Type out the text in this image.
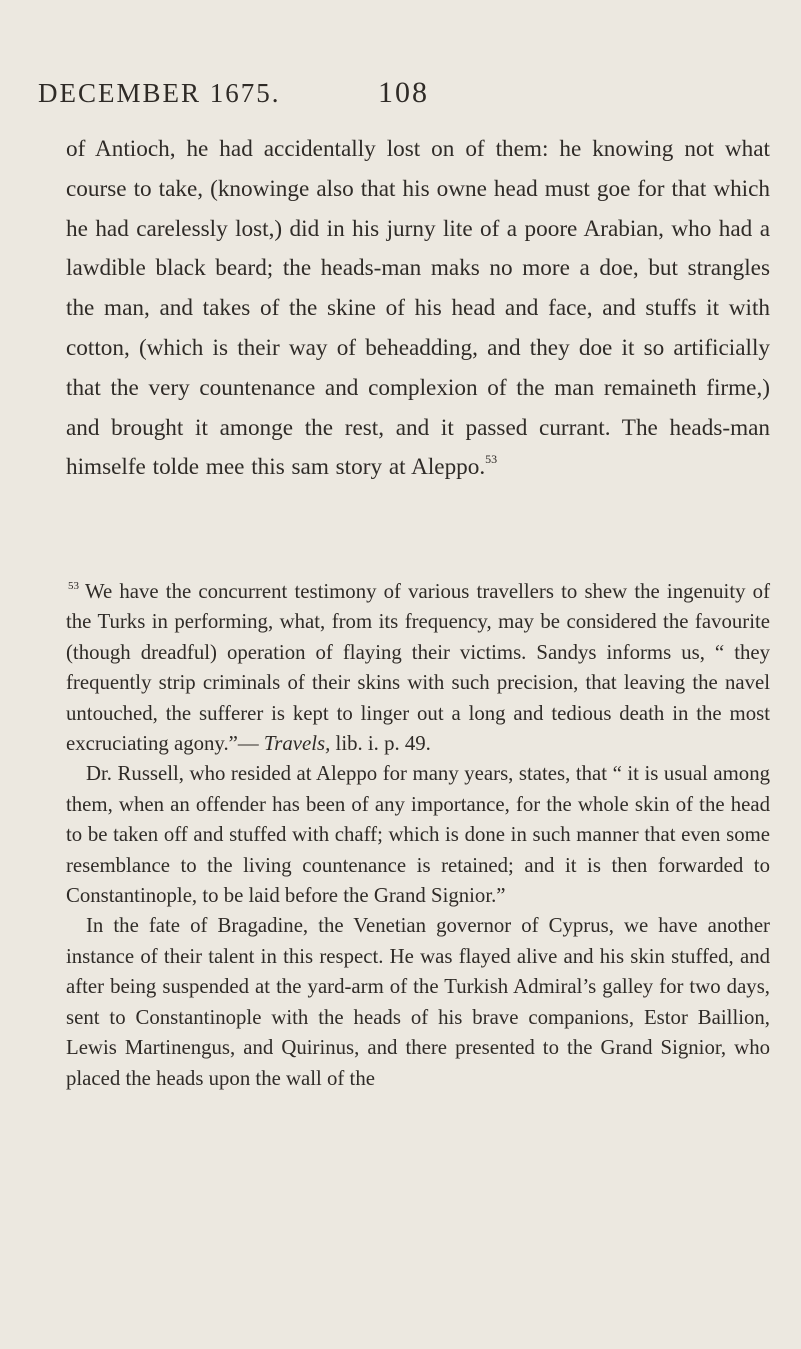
DECEMBER 1675.	108

of Antioch, he had accidentally lost on of them: he knowing not what course to take, (knowinge also that his owne head must goe for that which he had carelessly lost,) did in his jurny lite of a poore Arabian, who had a lawdible black beard; the heads-man maks no more a doe, but strangles the man, and takes of the skine of his head and face, and stuffs it with cotton, (which is their way of beheadding, and they doe it so artificially that the very countenance and complexion of the man remaineth firme,) and brought it amonge the rest, and it passed currant. The heads-man himselfe tolde mee this sam story at Aleppo.$^{53}$

$^{53}$ We have the concurrent testimony of various travellers to shew the ingenuity of the Turks in performing, what, from its frequency, may be considered the favourite (though dreadful) operation of flaying their victims. Sandys informs us, “ they frequently strip criminals of their skins with such precision, that leaving the navel untouched, the sufferer is kept to linger out a long and tedious death in the most excruciating agony.”— Travels, lib. i. p. 49.

Dr. Russell, who resided at Aleppo for many years, states, that “ it is usual among them, when an offender has been of any importance, for the whole skin of the head to be taken off and stuffed with chaff; which is done in such manner that even some resemblance to the living countenance is retained; and it is then forwarded to Constantinople, to be laid before the Grand Signior.”

In the fate of Bragadine, the Venetian governor of Cyprus, we have another instance of their talent in this respect. He was flayed alive and his skin stuffed, and after being suspended at the yard-arm of the Turkish Admiral’s galley for two days, sent to Constantinople with the heads of his brave companions, Estor Baillion, Lewis Martinengus, and Quirinus, and there presented to the Grand Signior, who placed the heads upon the wall of the
